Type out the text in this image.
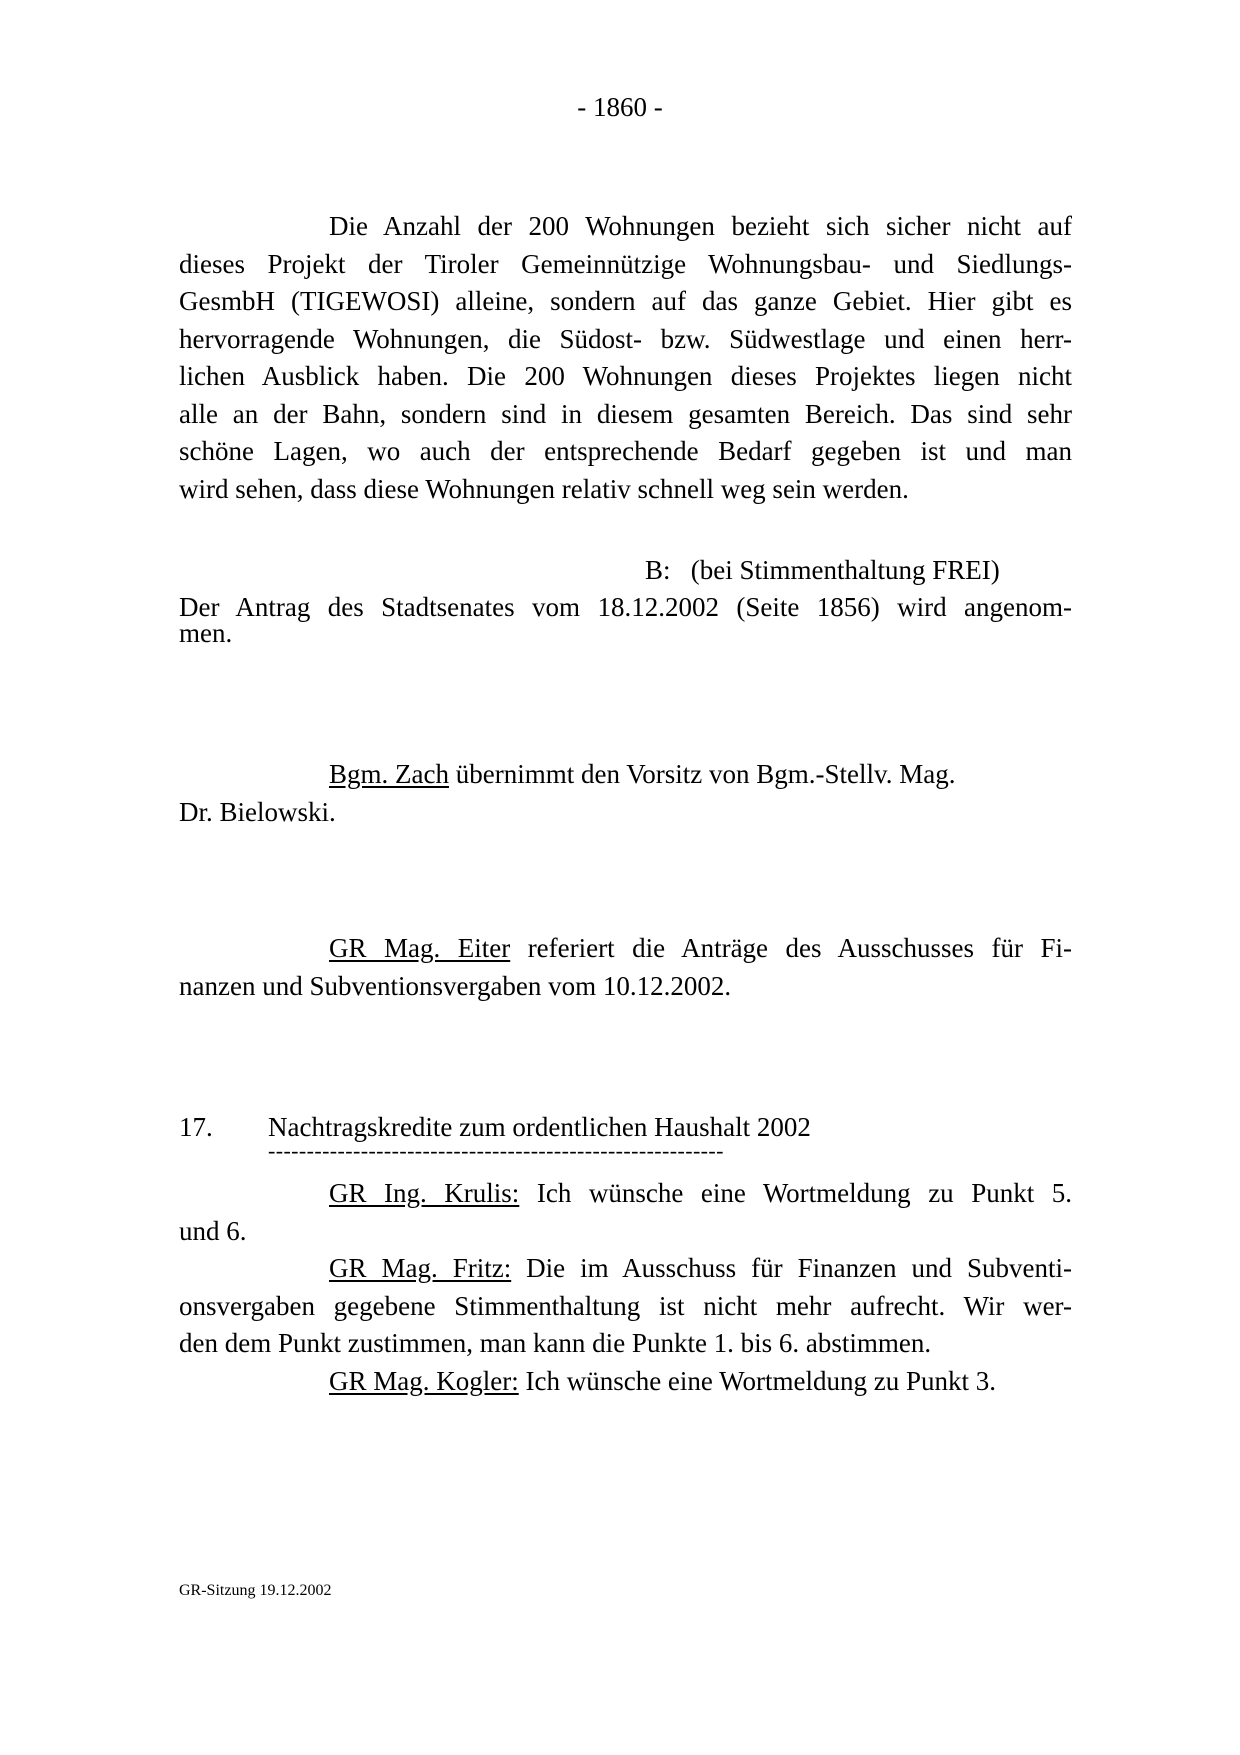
- 1860 -
Die Anzahl der 200 Wohnungen bezieht sich sicher nicht auf
dieses Projekt der Tiroler Gemeinnützige Wohnungsbau- und Siedlungs-
GesmbH (TIGEWOSI) alleine, sondern auf das ganze Gebiet. Hier gibt es
hervorragende Wohnungen, die Südost- bzw. Südwestlage und einen herr-
lichen Ausblick haben. Die 200 Wohnungen dieses Projektes liegen nicht
alle an der Bahn, sondern sind in diesem gesamten Bereich. Das sind sehr
schöne Lagen, wo auch der entsprechende Bedarf gegeben ist und man
wird sehen, dass diese Wohnungen relativ schnell weg sein werden.
B: (bei Stimmenthaltung FREI)
Der Antrag des Stadtsenates vom 18.12.2002 (Seite 1856) wird angenom-
men.
Bgm. Zach übernimmt den Vorsitz von Bgm.-Stellv. Mag.
Dr. Bielowski.
GR Mag. Eiter referiert die Anträge des Ausschusses für Fi-
nanzen und Subventionsvergaben vom 10.12.2002.
17. Nachtragskredite zum ordentlichen Haushalt 2002
-----------------------------------------------------------
GR Ing. Krulis: Ich wünsche eine Wortmeldung zu Punkt 5.
und 6.
GR Mag. Fritz: Die im Ausschuss für Finanzen und Subventi-
onsvergaben gegebene Stimmenthaltung ist nicht mehr aufrecht. Wir wer-
den dem Punkt zustimmen, man kann die Punkte 1. bis 6. abstimmen.
GR Mag. Kogler: Ich wünsche eine Wortmeldung zu Punkt 3.
GR-Sitzung 19.12.2002
